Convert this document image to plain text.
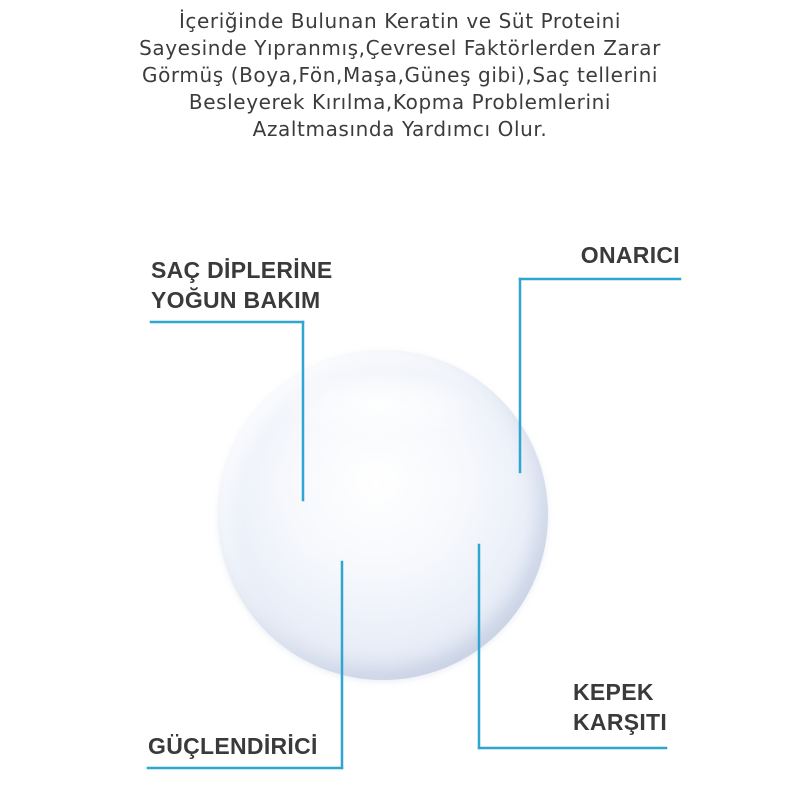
İçeriğinde Bulunan Keratin ve Süt Proteini
Sayesinde Yıpranmış,Çevresel Faktörlerden Zarar
Görmüş (Boya,Fön,Maşa,Güneş gibi),Saç tellerini
Besleyerek Kırılma,Kopma Problemlerini
Azaltmasında Yardımcı Olur.
SAÇ DİPLERİNE
YOĞUN BAKIM
ONARICI
KEPEK
KARŞITI
GÜÇLENDİRİCİ
